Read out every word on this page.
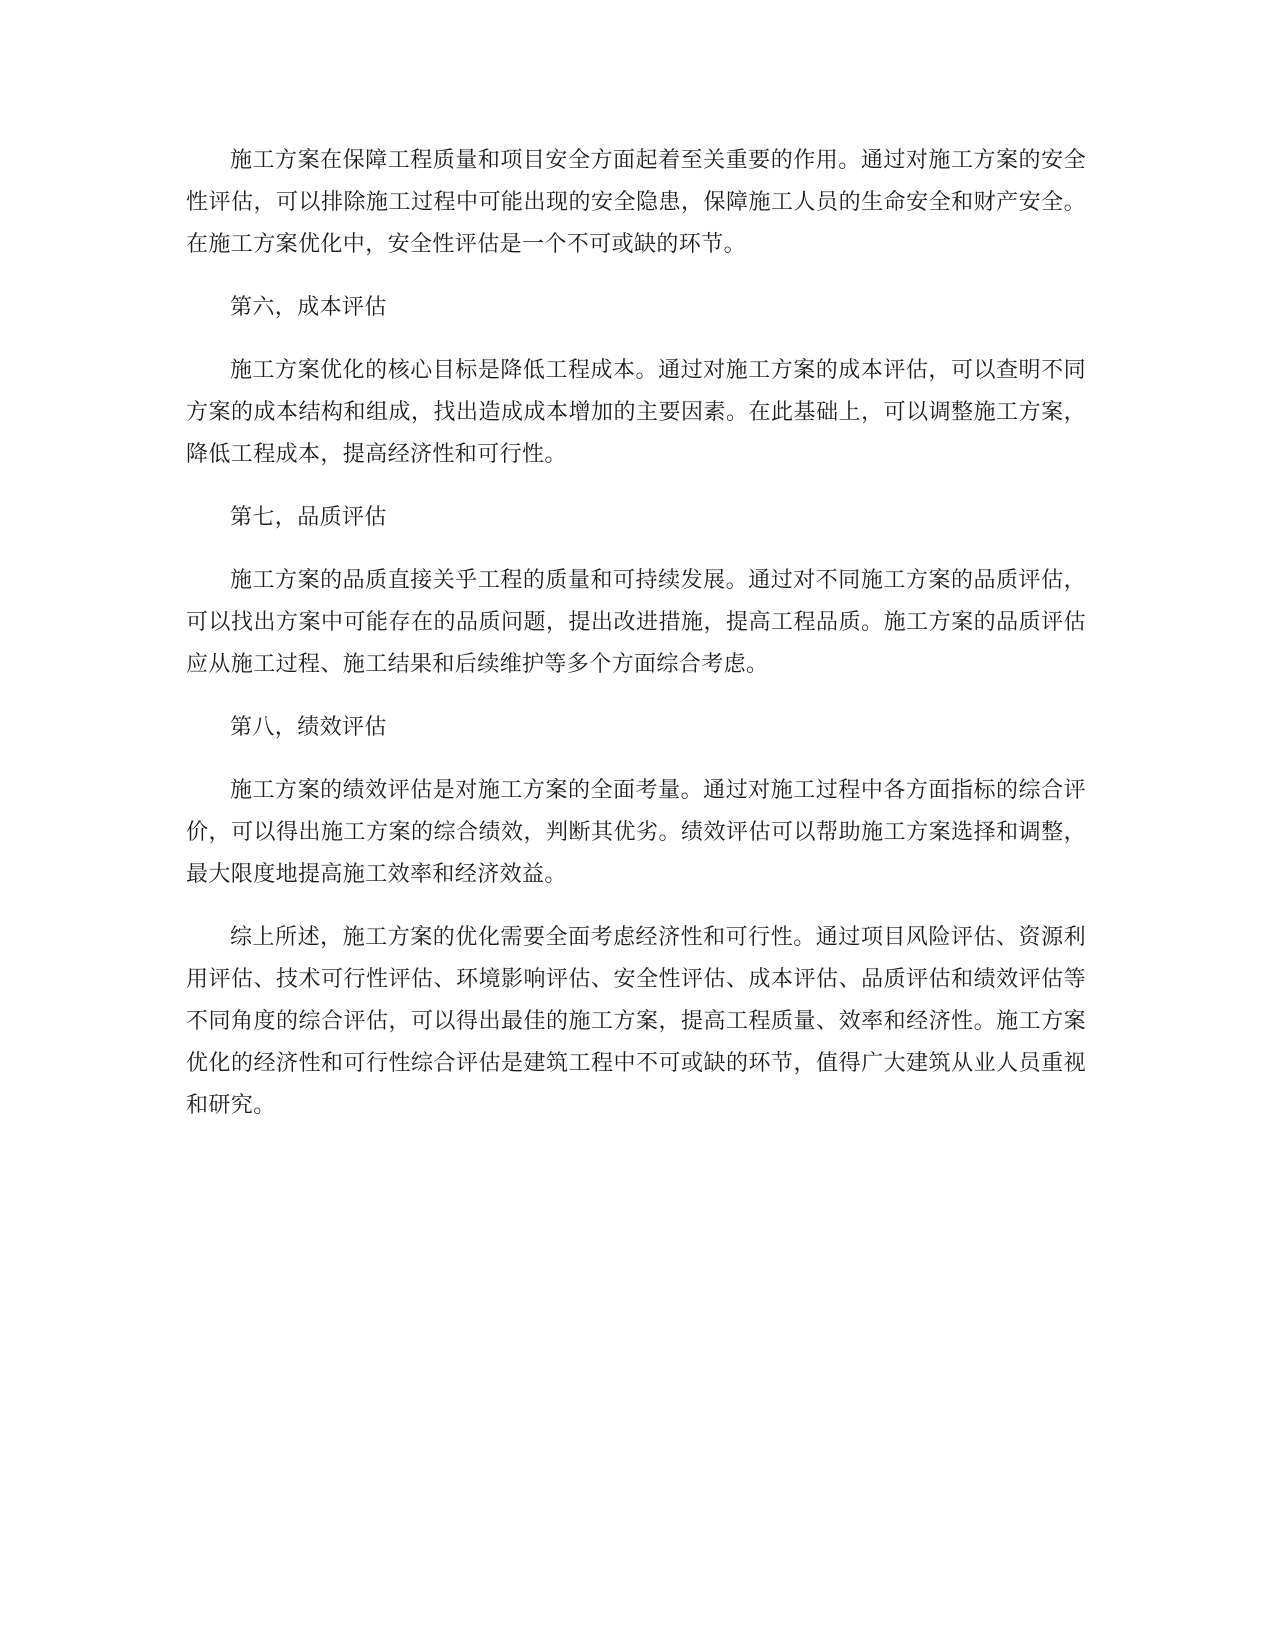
施工方案在保障工程质量和项目安全方面起着至关重要的作用。通过对施工方案的安全性评估，可以排除施工过程中可能出现的安全隐患，保障施工人员的生命安全和财产安全。在施工方案优化中，安全性评估是一个不可或缺的环节。

第六，成本评估

施工方案优化的核心目标是降低工程成本。通过对施工方案的成本评估，可以查明不同方案的成本结构和组成，找出造成成本增加的主要因素。在此基础上，可以调整施工方案，降低工程成本，提高经济性和可行性。

第七，品质评估

施工方案的品质直接关乎工程的质量和可持续发展。通过对不同施工方案的品质评估，可以找出方案中可能存在的品质问题，提出改进措施，提高工程品质。施工方案的品质评估应从施工过程、施工结果和后续维护等多个方面综合考虑。

第八，绩效评估

施工方案的绩效评估是对施工方案的全面考量。通过对施工过程中各方面指标的综合评价，可以得出施工方案的综合绩效，判断其优劣。绩效评估可以帮助施工方案选择和调整，最大限度地提高施工效率和经济效益。

综上所述，施工方案的优化需要全面考虑经济性和可行性。通过项目风险评估、资源利用评估、技术可行性评估、环境影响评估、安全性评估、成本评估、品质评估和绩效评估等不同角度的综合评估，可以得出最佳的施工方案，提高工程质量、效率和经济性。施工方案优化的经济性和可行性综合评估是建筑工程中不可或缺的环节，值得广大建筑从业人员重视和研究。
